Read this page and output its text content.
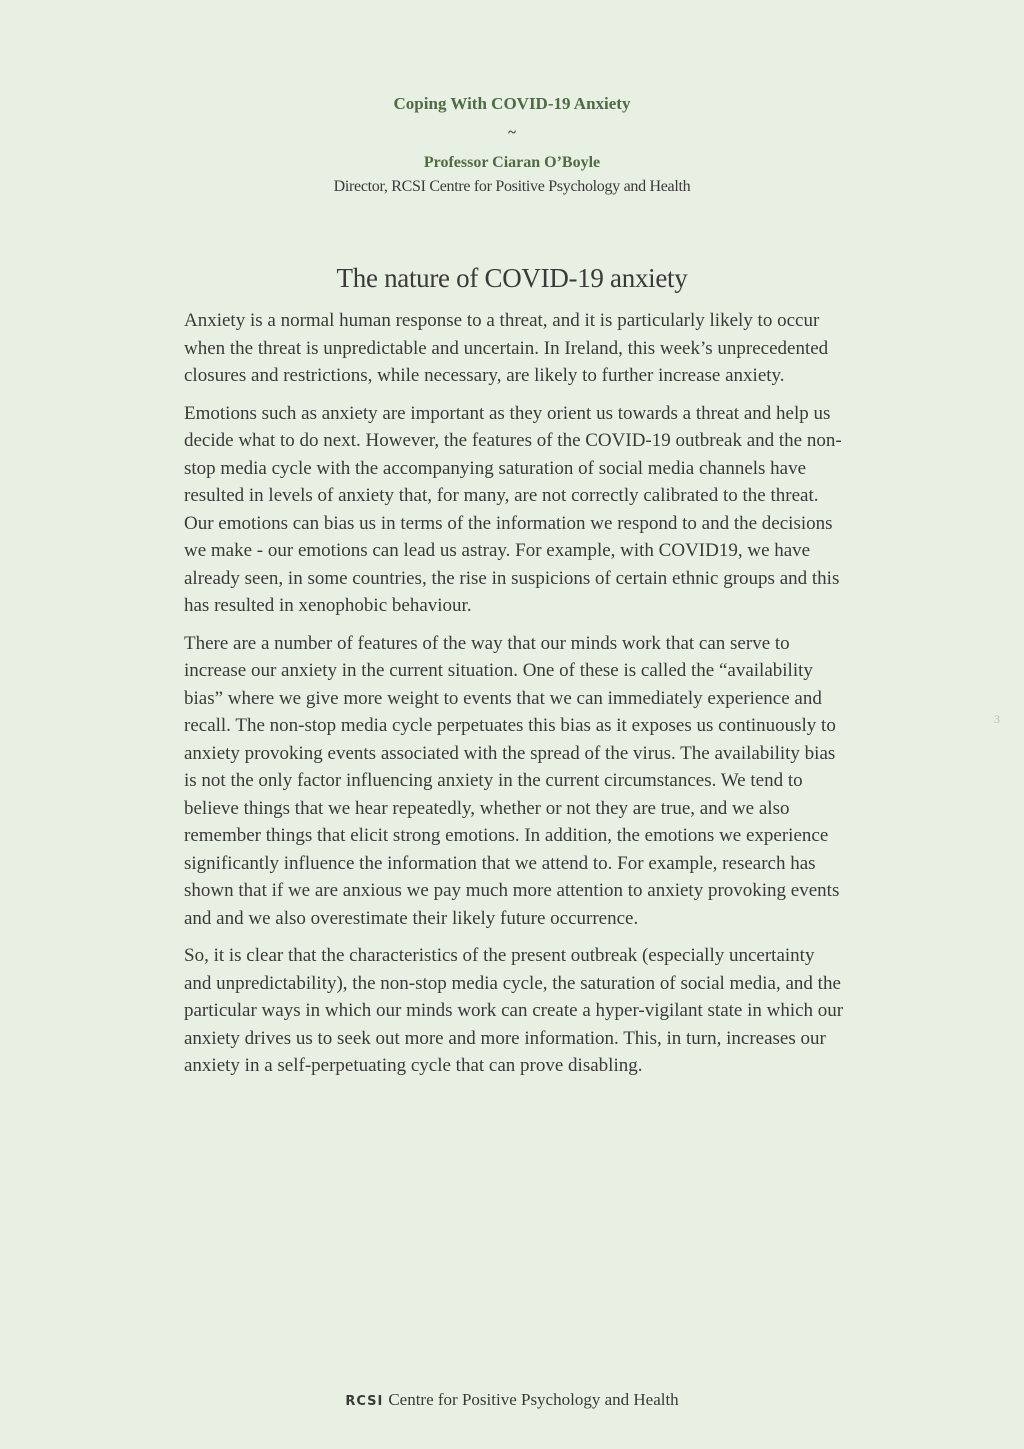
Coping With COVID-19 Anxiety

~

Professor Ciaran O’Boyle

Director, RCSI Centre for Positive Psychology and Health

The nature of COVID-19 anxiety

Anxiety is a normal human response to a threat, and it is particularly likely to occur when the threat is unpredictable and uncertain. In Ireland, this week’s unprecedented closures and restrictions, while necessary, are likely to further increase anxiety.

Emotions such as anxiety are important as they orient us towards a threat and help us decide what to do next. However, the features of the COVID-19 outbreak and the non-stop media cycle with the accompanying saturation of social media channels have resulted in levels of anxiety that, for many, are not correctly calibrated to the threat. Our emotions can bias us in terms of the information we respond to and the decisions we make - our emotions can lead us astray. For example, with COVID19, we have already seen, in some countries, the rise in suspicions of certain ethnic groups and this has resulted in xenophobic behaviour.

There are a number of features of the way that our minds work that can serve to increase our anxiety in the current situation. One of these is called the “availability bias” where we give more weight to events that we can immediately experience and recall. The non-stop media cycle perpetuates this bias as it exposes us continuously to anxiety provoking events associated with the spread of the virus. The availability bias is not the only factor influencing anxiety in the current circumstances. We tend to believe things that we hear repeatedly, whether or not they are true, and we also remember things that elicit strong emotions. In addition, the emotions we experience significantly influence the information that we attend to. For example, research has shown that if we are anxious we pay much more attention to anxiety provoking events and and we also overestimate their likely future occurrence.

So, it is clear that the characteristics of the present outbreak (especially uncertainty and unpredictability), the non-stop media cycle, the saturation of social media, and the particular ways in which our minds work can create a hyper-vigilant state in which our anxiety drives us to seek out more and more information. This, in turn, increases our anxiety in a self-perpetuating cycle that can prove disabling.

3
RCSI Centre for Positive Psychology and Health
